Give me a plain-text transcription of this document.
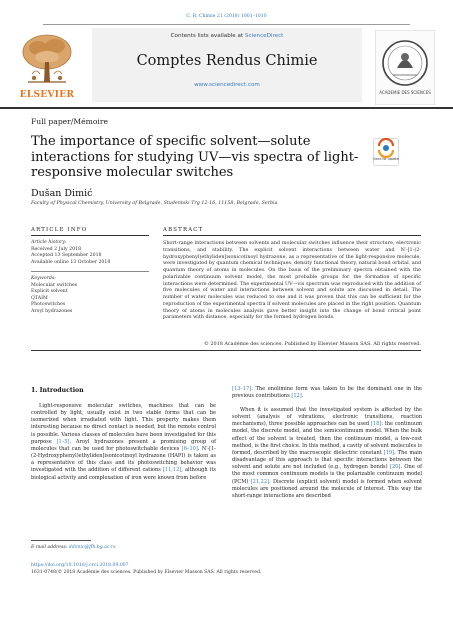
C. R. Chimie 21 (2018) 1001–1010
Contents lists available at ScienceDirect
Comptes Rendus Chimie
www.sciencedirect.com
ELSEVIER	ACADEMIE DES SCIENCES
Full paper/Mémoire
The importance of specific solvent—solute interactions for studying UV—vis spectra of light-responsive molecular switches
Check for updates
Dušan Dimić
Faculty of Physical Chemistry, University of Belgrade, Studentski Trg 12-16, 11158, Belgrade, Serbia
ARTICLE INFO
Article history:
Received 2 July 2018
Accepted 13 September 2018
Available online 13 October 2018
Keywords:
Molecular switches
Explicit solvent
QTAIM
Photoswitches
Aroyl hydrazones
ABSTRACT

Short-range interactions between solvents and molecular switches influence their structure, electronic transitions, and stability. The explicit solvent interactions between water and N′-[1-(2-hydroxyphenyl)ethyliden]isonicotinoyl hydrazone, as a representative of the light-responsive molecule, were investigated by quantum chemical techniques, density functional theory, natural bond orbital, and quantum theory of atoms in molecules. On the basis of the preliminary spectra obtained with the polarizable continuum solvent model, the most probable groups for the formation of specific interactions were determined. The experimental UV—vis spectrum was reproduced with the addition of five molecules of water and interactions between solvent and solute are discussed in detail. The number of water molecules was reduced to one and it was proven that this can be sufficient for the reproduction of the experimental spectra if solvent molecules are placed in the right position. Quantum theory of atoms in molecules analysis gave better insight into the change of bond critical point parameters with distance, especially for the formed hydrogen bonds.

© 2018 Académie des sciences. Published by Elsevier Masson SAS. All rights reserved.
1. Introduction

Light-responsive molecular switches, machines that can be controlled by light, usually exist in two stable forms that can be isomerized when irradiated with light. This property makes them interesting because no direct contact is needed, but the remote control is possible. Various classes of molecules have been investigated for this purpose [1–5]. Aroyl hydrazones present a promising group of molecules that can be used for photoswitchable devices [6–10]. N′-[1-(2-Hydroxyphenyl)ethyliden]isonicotinoyl hydrazone (HAPI) is taken as a representative of this class and its photoswitching behavior was investigated with the addition of different cations [11,12], although its biological activity and complexation of iron were known from before

[13–17]. The enolimine form was taken to be the dominant one in the previous contributions [12].

When it is assumed that the investigated system is affected by the solvent (analysis of vibrations, electronic transitions, reaction mechanisms), three possible approaches can be used [18]: the continuum model, the discrete model, and the semicontinuum model. When the bulk effect of the solvent is treated, then the continuum model, a low-cost method, is the first choice. In this method, a cavity of solvent molecules is formed, described by the macroscopic dielectric constant [19]. The main disadvantage of this approach is that specific interactions between the solvent and solute are not included (e.g., hydrogen bonds) [20]. One of the most common continuum models is the polarizable continuum model (PCM) [21,22]. Discrete (explicit solvent) model is formed when solvent molecules are positioned around the molecule of interest. This way the short-range interactions are described

E-mail address: ddimic@ffh.bg.ac.rs
https://doi.org/10.1016/j.crci.2018.09.007
1631-0748/© 2018 Académie des sciences. Published by Elsevier Masson SAS. All rights reserved.
